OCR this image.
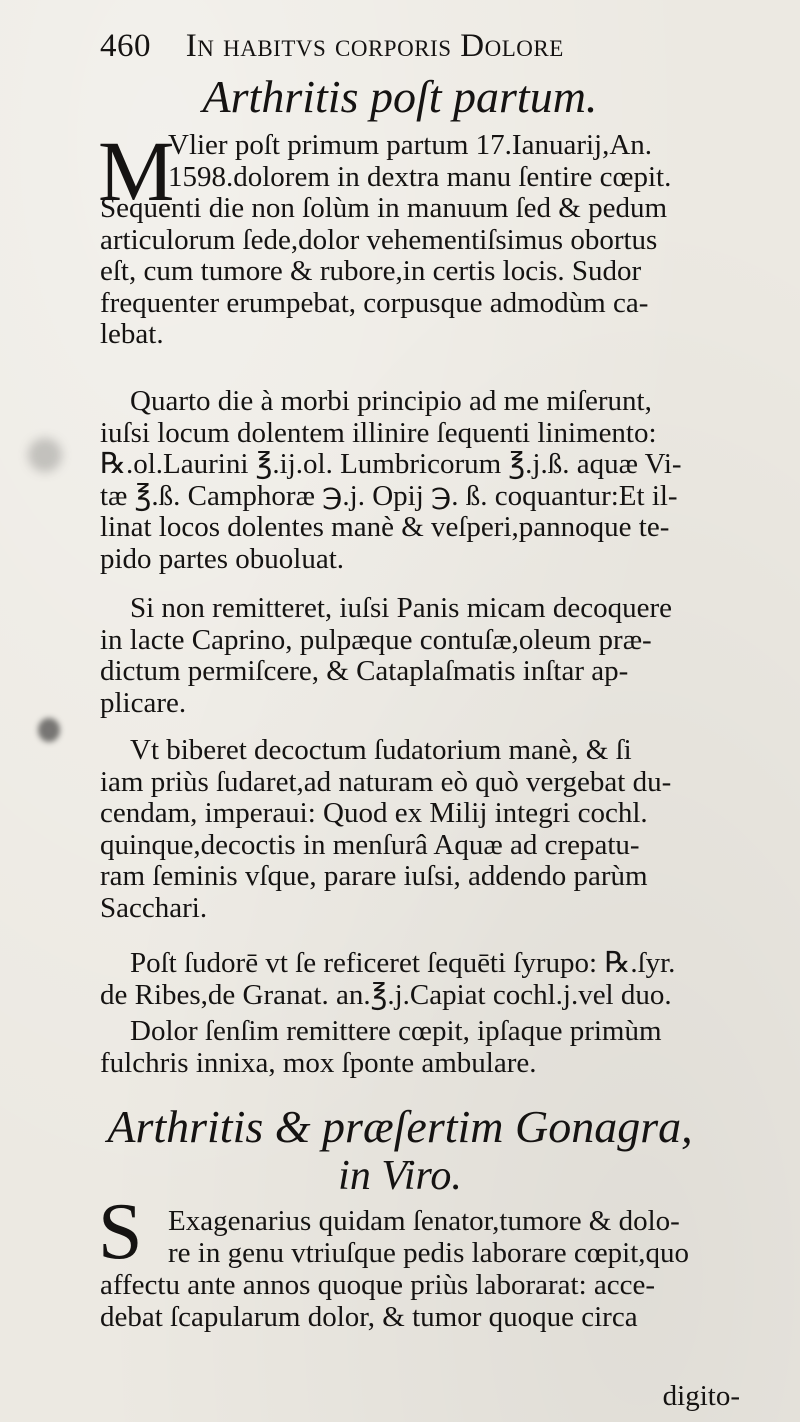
460 In habitvs corporis Dolore
Arthritis poſt partum.
M
Vlier poſt primum partum 17.Ianuarij,An.
1598.dolorem in dextra manu ſentire cœpit.
Sequenti die non ſolùm in manuum ſed & pedum
articulorum ſede,dolor vehementiſsimus obortus
eſt, cum tumore & rubore,in certis locis. Sudor
frequenter erumpebat, corpusque admodùm ca-
lebat.
Quarto die à morbi principio ad me miſerunt,
iuſsi locum dolentem illinire ſequenti linimento:
℞.ol.Laurini ℥.ij.ol. Lumbricorum ℥.j.ß. aquæ Vi-
tæ ℥.ß. Camphoræ ℈.j. Opij ℈. ß. coquantur:Et il-
linat locos dolentes manè & veſperi,pannoque te-
pido partes obuoluat.
Si non remitteret, iuſsi Panis micam decoquere
in lacte Caprino, pulpæque contuſæ,oleum præ-
dictum permiſcere, & Cataplaſmatis inſtar ap-
plicare.
Vt biberet decoctum ſudatorium manè, & ſi
iam priùs ſudaret,ad naturam eò quò vergebat du-
cendam, imperaui: Quod ex Milij integri cochl.
quinque,decoctis in menſurâ Aquæ ad crepatu-
ram ſeminis vſque, parare iuſsi, addendo parùm
Sacchari.
Poſt ſudorē vt ſe reficeret ſequēti ſyrupo: ℞.ſyr.
de Ribes,de Granat. an.℥.j.Capiat cochl.j.vel duo.
Dolor ſenſim remittere cœpit, ipſaque primùm
fulchris innixa, mox ſponte ambulare.
Arthritis & præſertim Gonagra,
in Viro.
S Exagenarius quidam ſenator,tumore & dolo-
re in genu vtriuſque pedis laborare cœpit,quo
affectu ante annos quoque priùs laborarat: acce-
debat ſcapularum dolor, & tumor quoque circa
digito-
